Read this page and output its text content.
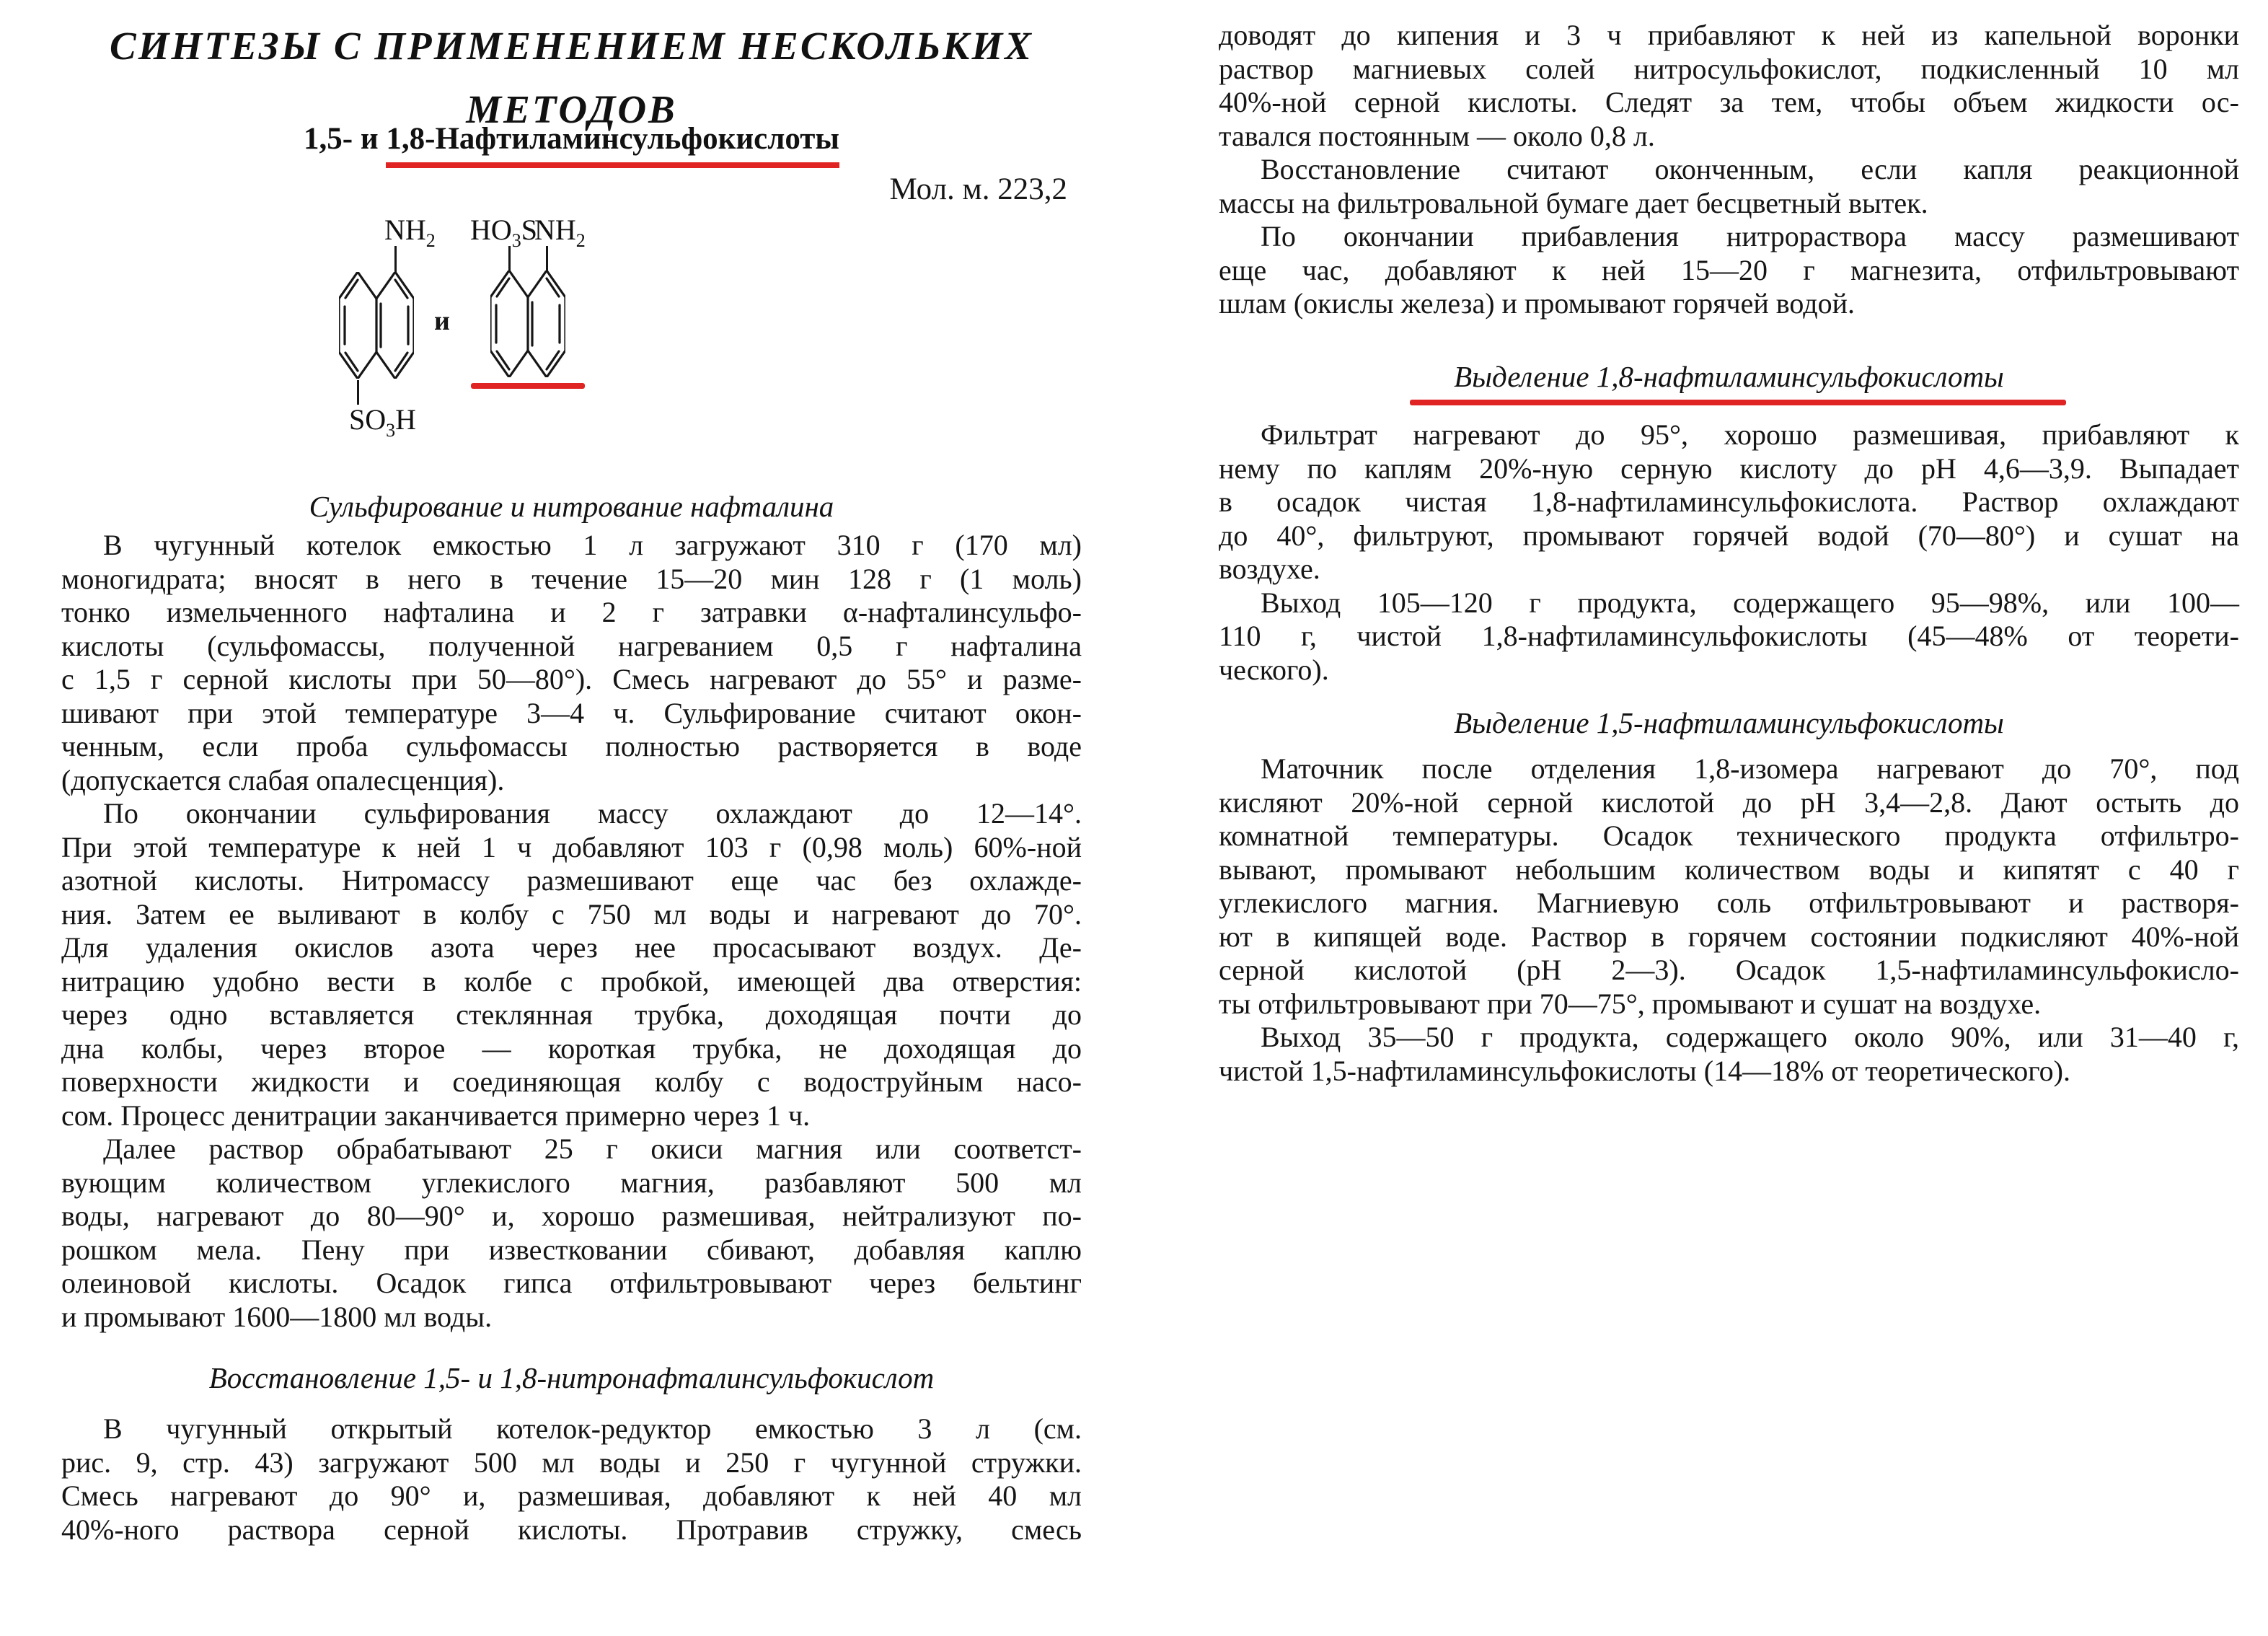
СИНТЕЗЫ С ПРИМЕНЕНИЕМ НЕСКОЛЬКИХ
МЕТОДОВ
1,5- и 1,8-Нафтиламинсульфокислоты
Мол. м. 223,2
$NH_2$
$SO_3H$
и
$HO_3S$
$NH_2$
Сульфирование и нитрование нафталина
В чугунный котелок емкостью 1 л загружают 310 г (170 мл)
моногидрата; вносят в него в течение 15—20 мин 128 г (1 моль)
тонко измельченного нафталина и 2 г затравки α-нафталинсульфо-
кислоты (сульфомассы, полученной нагреванием 0,5 г нафталина
с 1,5 г серной кислоты при 50—80°). Смесь нагревают до 55° и разме-
шивают при этой температуре 3—4 ч. Сульфирование считают окон-
ченным, если проба сульфомассы полностью растворяется в воде
(допускается слабая опалесценция).
По окончании сульфирования массу охлаждают до 12—14°.
При этой температуре к ней 1 ч добавляют 103 г (0,98 моль) 60%-ной
азотной кислоты. Нитромассу размешивают еще час без охлажде-
ния. Затем ее выливают в колбу с 750 мл воды и нагревают до 70°.
Для удаления окислов азота через нее просасывают воздух. Де-
нитрацию удобно вести в колбе с пробкой, имеющей два отверстия:
через одно вставляется стеклянная трубка, доходящая почти до
дна колбы, через второе — короткая трубка, не доходящая до
поверхности жидкости и соединяющая колбу с водоструйным насо-
сом. Процесс денитрации заканчивается примерно через 1 ч.
Далее раствор обрабатывают 25 г окиси магния или соответст-
вующим количеством углекислого магния, разбавляют 500 мл
воды, нагревают до 80—90° и, хорошо размешивая, нейтрализуют по-
рошком мела. Пену при известковании сбивают, добавляя каплю
олеиновой кислоты. Осадок гипса отфильтровывают через бельтинг
и промывают 1600—1800 мл воды.
Восстановление 1,5- и 1,8-нитронафталинсульфокислот
В чугунный открытый котелок-редуктор емкостью 3 л (см.
рис. 9, стр. 43) загружают 500 мл воды и 250 г чугунной стружки.
Смесь нагревают до 90° и, размешивая, добавляют к ней 40 мл
40%-ного раствора серной кислоты. Протравив стружку, смесь
доводят до кипения и 3 ч прибавляют к ней из капельной воронки
раствор магниевых солей нитросульфокислот, подкисленный 10 мл
40%-ной серной кислоты. Следят за тем, чтобы объем жидкости ос-
тавался постоянным — около 0,8 л.
Восстановление считают оконченным, если капля реакционной
массы на фильтровальной бумаге дает бесцветный вытек.
По окончании прибавления нитрораствора массу размешивают
еще час, добавляют к ней 15—20 г магнезита, отфильтровывают
шлам (окислы железа) и промывают горячей водой.
Выделение 1,8-нафтиламинсульфокислоты
Фильтрат нагревают до 95°, хорошо размешивая, прибавляют к
нему по каплям 20%-ную серную кислоту до pH 4,6—3,9. Выпадает
в осадок чистая 1,8-нафтиламинсульфокислота. Раствор охлаждают
до 40°, фильтруют, промывают горячей водой (70—80°) и сушат на
воздухе.
Выход 105—120 г продукта, содержащего 95—98%, или 100—
110 г, чистой 1,8-нафтиламинсульфокислоты (45—48% от теорети-
ческого).
Выделение 1,5-нафтиламинсульфокислоты
Маточник после отделения 1,8-изомера нагревают до 70°, под
кисляют 20%-ной серной кислотой до pH 3,4—2,8. Дают остыть до
комнатной температуры. Осадок технического продукта отфильтро-
вывают, промывают небольшим количеством воды и кипятят с 40 г
углекислого магния. Магниевую соль отфильтровывают и растворя-
ют в кипящей воде. Раствор в горячем состоянии подкисляют 40%-ной
серной кислотой (pH 2—3). Осадок 1,5-нафтиламинсульфокисло-
ты отфильтровывают при 70—75°, промывают и сушат на воздухе.
Выход 35—50 г продукта, содержащего около 90%, или 31—40 г,
чистой 1,5-нафтиламинсульфокислоты (14—18% от теоретического).
